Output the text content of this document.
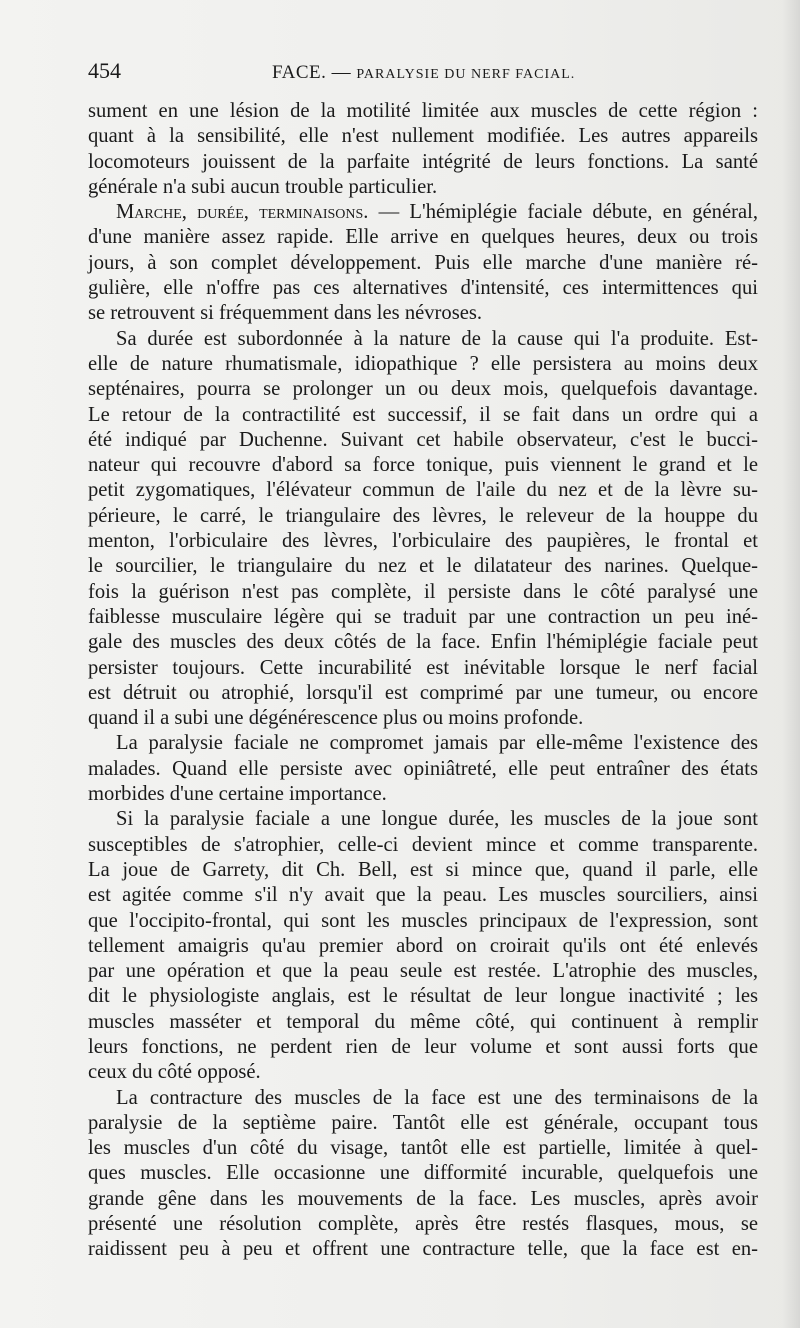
454	FACE. — PARALYSIE DU NERF FACIAL.
sument en une lésion de la motilité limitée aux muscles de cette région :
quant à la sensibilité, elle n'est nullement modifiée. Les autres appareils
locomoteurs jouissent de la parfaite intégrité de leurs fonctions. La santé
générale n'a subi aucun trouble particulier.
Marche, durée, terminaisons. — L'hémiplégie faciale débute, en général,
d'une manière assez rapide. Elle arrive en quelques heures, deux ou trois
jours, à son complet développement. Puis elle marche d'une manière ré-
gulière, elle n'offre pas ces alternatives d'intensité, ces intermittences qui
se retrouvent si fréquemment dans les névroses.
Sa durée est subordonnée à la nature de la cause qui l'a produite. Est-
elle de nature rhumatismale, idiopathique ? elle persistera au moins deux
septénaires, pourra se prolonger un ou deux mois, quelquefois davantage.
Le retour de la contractilité est successif, il se fait dans un ordre qui a
été indiqué par Duchenne. Suivant cet habile observateur, c'est le bucci-
nateur qui recouvre d'abord sa force tonique, puis viennent le grand et le
petit zygomatiques, l'élévateur commun de l'aile du nez et de la lèvre su-
périeure, le carré, le triangulaire des lèvres, le releveur de la houppe du
menton, l'orbiculaire des lèvres, l'orbiculaire des paupières, le frontal et
le sourcilier, le triangulaire du nez et le dilatateur des narines. Quelque-
fois la guérison n'est pas complète, il persiste dans le côté paralysé une
faiblesse musculaire légère qui se traduit par une contraction un peu iné-
gale des muscles des deux côtés de la face. Enfin l'hémiplégie faciale peut
persister toujours. Cette incurabilité est inévitable lorsque le nerf facial
est détruit ou atrophié, lorsqu'il est comprimé par une tumeur, ou encore
quand il a subi une dégénérescence plus ou moins profonde.
La paralysie faciale ne compromet jamais par elle-même l'existence des
malades. Quand elle persiste avec opiniâtreté, elle peut entraîner des états
morbides d'une certaine importance.
Si la paralysie faciale a une longue durée, les muscles de la joue sont
susceptibles de s'atrophier, celle-ci devient mince et comme transparente.
La joue de Garrety, dit Ch. Bell, est si mince que, quand il parle, elle
est agitée comme s'il n'y avait que la peau. Les muscles sourciliers, ainsi
que l'occipito-frontal, qui sont les muscles principaux de l'expression, sont
tellement amaigris qu'au premier abord on croirait qu'ils ont été enlevés
par une opération et que la peau seule est restée. L'atrophie des muscles,
dit le physiologiste anglais, est le résultat de leur longue inactivité ; les
muscles masséter et temporal du même côté, qui continuent à remplir
leurs fonctions, ne perdent rien de leur volume et sont aussi forts que
ceux du côté opposé.
La contracture des muscles de la face est une des terminaisons de la
paralysie de la septième paire. Tantôt elle est générale, occupant tous
les muscles d'un côté du visage, tantôt elle est partielle, limitée à quel-
ques muscles. Elle occasionne une difformité incurable, quelquefois une
grande gêne dans les mouvements de la face. Les muscles, après avoir
présenté une résolution complète, après être restés flasques, mous, se
raidissent peu à peu et offrent une contracture telle, que la face est en-
